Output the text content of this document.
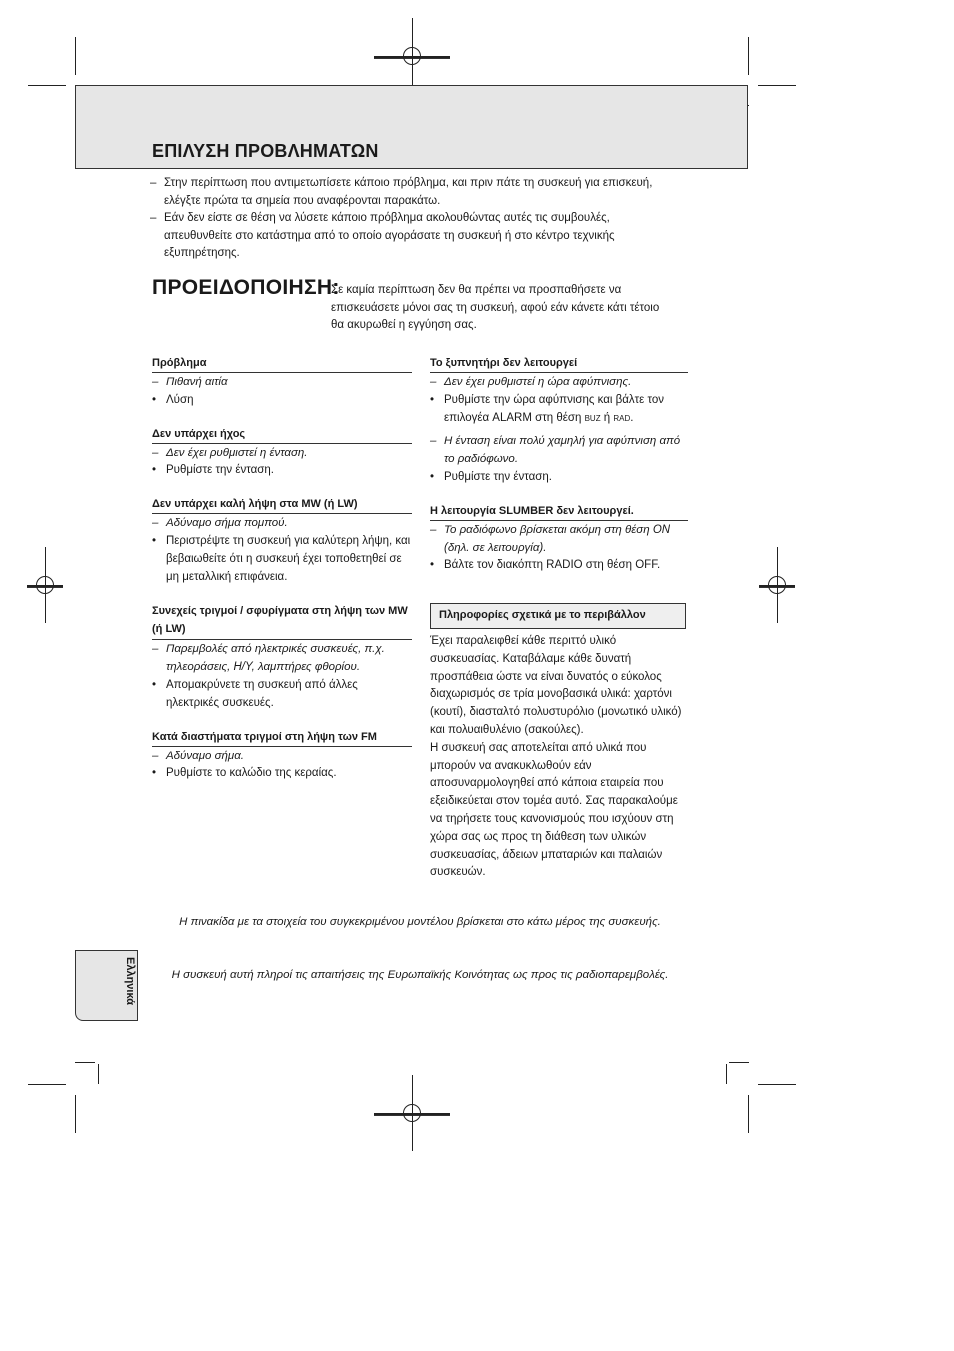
ΕΠΙΛΥΣΗ ΠΡΟΒΛΗΜΑΤΩΝ
– Στην περίπτωση που αντιμετωπίσετε κάποιο πρόβλημα, και πριν πάτε τη συσκευή για επισκευή, ελέγξτε πρώτα τα σημεία που αναφέρονται παρακάτω.
– Εάν δεν είστε σε θέση να λύσετε κάποιο πρόβλημα ακολουθώντας αυτές τις συμβουλές, απευθυνθείτε στο κατάστημα από το οποίο αγοράσατε τη συσκευή ή στο κέντρο τεχνικής εξυπηρέτησης.
ΠΡΟΕΙΔΟΠΟΙΗΣΗ:
Σε καμία περίπτωση δεν θα πρέπει να προσπαθήσετε να επισκευάσετε μόνοι σας τη συσκευή, αφού εάν κάνετε κάτι τέτοιο θα ακυρωθεί η εγγύηση σας.
Πρόβλημα
– Πιθανή αιτία
• Λύση
Δεν υπάρχει ήχος
– Δεν έχει ρυθμιστεί η ένταση.
• Ρυθμίστε την ένταση.
Δεν υπάρχει καλή λήψη στα MW (ή LW)
– Αδύναμο σήμα πομπού.
• Περιστρέψτε τη συσκευή για καλύτερη λήψη, και βεβαιωθείτε ότι η συσκευή έχει τοποθετηθεί σε μη μεταλλική επιφάνεια.
Συνεχείς τριγμοί / σφυρίγματα στη λήψη των MW (ή LW)
– Παρεμβολές από ηλεκτρικές συσκευές, π.χ. τηλεοράσεις, H/Y, λαμπτήρες φθορίου.
• Απομακρύνετε τη συσκευή από άλλες ηλεκτρικές συσκευές.
Κατά διαστήματα τριγμοί στη λήψη των FM
– Αδύναμο σήμα.
• Ρυθμίστε το καλώδιο της κεραίας.
Το ξυπνητήρι δεν λειτουργεί
– Δεν έχει ρυθμιστεί η ώρα αφύπνισης.
• Ρυθμίστε την ώρα αφύπνισης και βάλτε τον επιλογέα ALARM στη θέση BUZ ή RAD.
– Η ένταση είναι πολύ χαμηλή για αφύπνιση από το ραδιόφωνο.
• Ρυθμίστε την ένταση.
Η λειτουργία SLUMBER δεν λειτουργεί.
– Το ραδιόφωνο βρίσκεται ακόμη στη θέση ON (δηλ. σε λειτουργία).
• Βάλτε τον διακόπτη RADIO στη θέση OFF.
Πληροφορίες σχετικά με το περιβάλλον
Έχει παραλειφθεί κάθε περιττό υλικό συσκευασίας. Καταβάλαμε κάθε δυνατή προσπάθεια ώστε να είναι δυνατός ο εύκολος διαχωρισμός σε τρία μονοβασικά υλικά: χαρτόνι (κουτί), διασταλτό πολυστυρόλιο (μονωτικό υλικό) και πολυαιθυλένιο (σακούλες).
Η συσκευή σας αποτελείται από υλικά που μπορούν να ανακυκλωθούν εάν αποσυναρμολογηθεί από κάποια εταιρεία που εξειδικεύεται στον τομέα αυτό. Σας παρακαλούμε να τηρήσετε τους κανονισμούς που ισχύουν στη χώρα σας ως προς τη διάθεση των υλικών συσκευασίας, άδειων μπαταριών και παλαιών συσκευών.
Η πινακίδα με τα στοιχεία του συγκεκριμένου μοντέλου βρίσκεται στο κάτω μέρος της συσκευής.
Η συσκευή αυτή πληροί τις απαιτήσεις της Ευρωπαϊκής Κοινότητας ως προς τις ραδιοπαρεμβολές.
Ελληνικά
